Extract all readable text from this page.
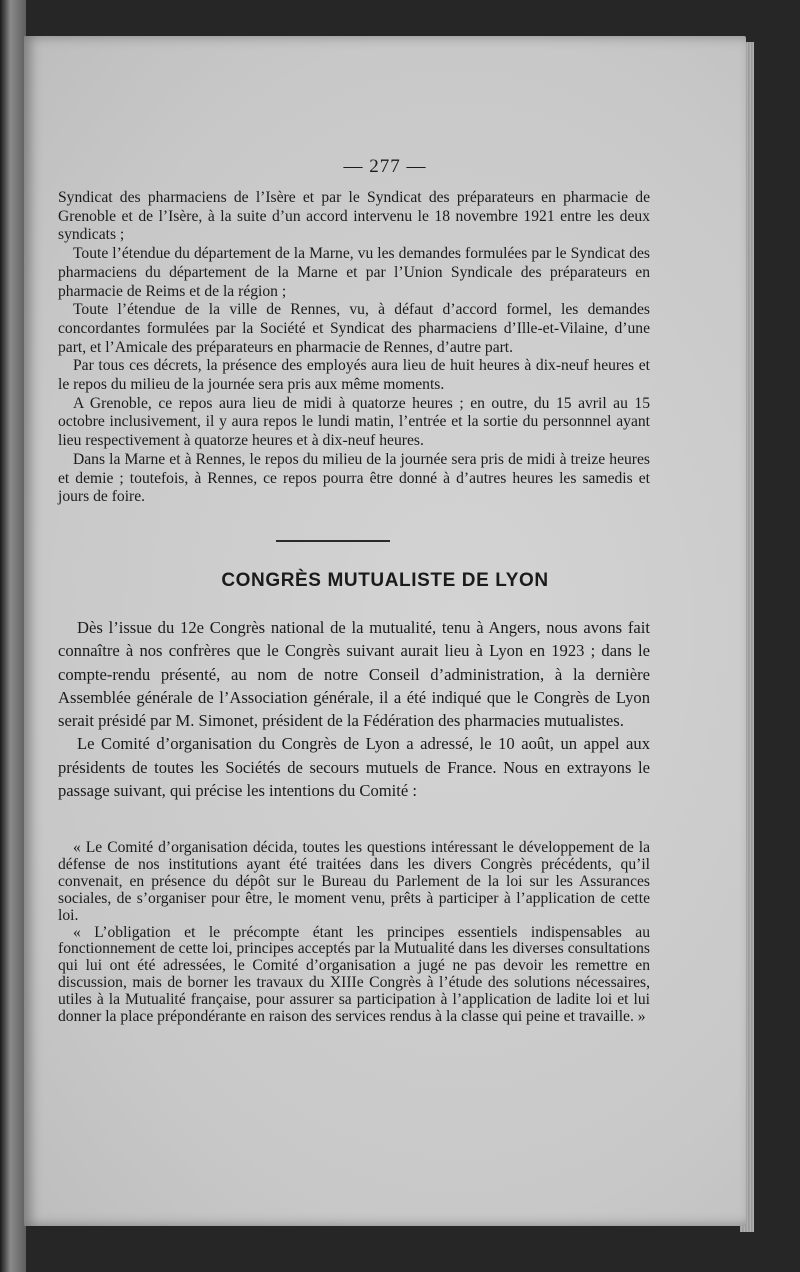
— 277 —

Syndicat des pharmaciens de l’Isère et par le Syndicat des préparateurs en pharmacie de Grenoble et de l’Isère, à la suite d’un accord intervenu le 18 novembre 1921 entre les deux syndicats ;

Toute l’étendue du département de la Marne, vu les demandes formulées par le Syndicat des pharmaciens du département de la Marne et par l’Union Syndicale des préparateurs en pharmacie de Reims et de la région ;

Toute l’étendue de la ville de Rennes, vu, à défaut d’accord formel, les demandes concordantes formulées par la Société et Syndicat des pharmaciens d’Ille-et-Vilaine, d’une part, et l’Amicale des préparateurs en pharmacie de Rennes, d’autre part.

Par tous ces décrets, la présence des employés aura lieu de huit heures à dix-neuf heures et le repos du milieu de la journée sera pris aux même moments.

A Grenoble, ce repos aura lieu de midi à quatorze heures ; en outre, du 15 avril au 15 octobre inclusivement, il y aura repos le lundi matin, l’entrée et la sortie du personnnel ayant lieu respectivement à quatorze heures et à dix-neuf heures.

Dans la Marne et à Rennes, le repos du milieu de la journée sera pris de midi à treize heures et demie ; toutefois, à Rennes, ce repos pourra être donné à d’autres heures les samedis et jours de foire.

CONGRÈS MUTUALISTE DE LYON

Dès l’issue du 12e Congrès national de la mutualité, tenu à Angers, nous avons fait connaître à nos confrères que le Congrès suivant aurait lieu à Lyon en 1923 ; dans le compte-rendu présenté, au nom de notre Conseil d’administration, à la dernière Assemblée générale de l’Association générale, il a été indiqué que le Congrès de Lyon serait présidé par M. Simonet, président de la Fédération des pharmacies mutualistes.

Le Comité d’organisation du Congrès de Lyon a adressé, le 10 août, un appel aux présidents de toutes les Sociétés de secours mutuels de France. Nous en extrayons le passage suivant, qui précise les intentions du Comité :

« Le Comité d’organisation décida, toutes les questions intéressant le développement de la défense de nos institutions ayant été traitées dans les divers Congrès précédents, qu’il convenait, en présence du dépôt sur le Bureau du Parlement de la loi sur les Assurances sociales, de s’organiser pour être, le moment venu, prêts à participer à l’application de cette loi.

« L’obligation et le précompte étant les principes essentiels indispensables au fonctionnement de cette loi, principes acceptés par la Mutualité dans les diverses consultations qui lui ont été adressées, le Comité d’organisation a jugé ne pas devoir les remettre en discussion, mais de borner les travaux du XIIIe Congrès à l’étude des solutions nécessaires, utiles à la Mutualité française, pour assurer sa participation à l’application de ladite loi et lui donner la place prépondérante en raison des services rendus à la classe qui peine et travaille. »
